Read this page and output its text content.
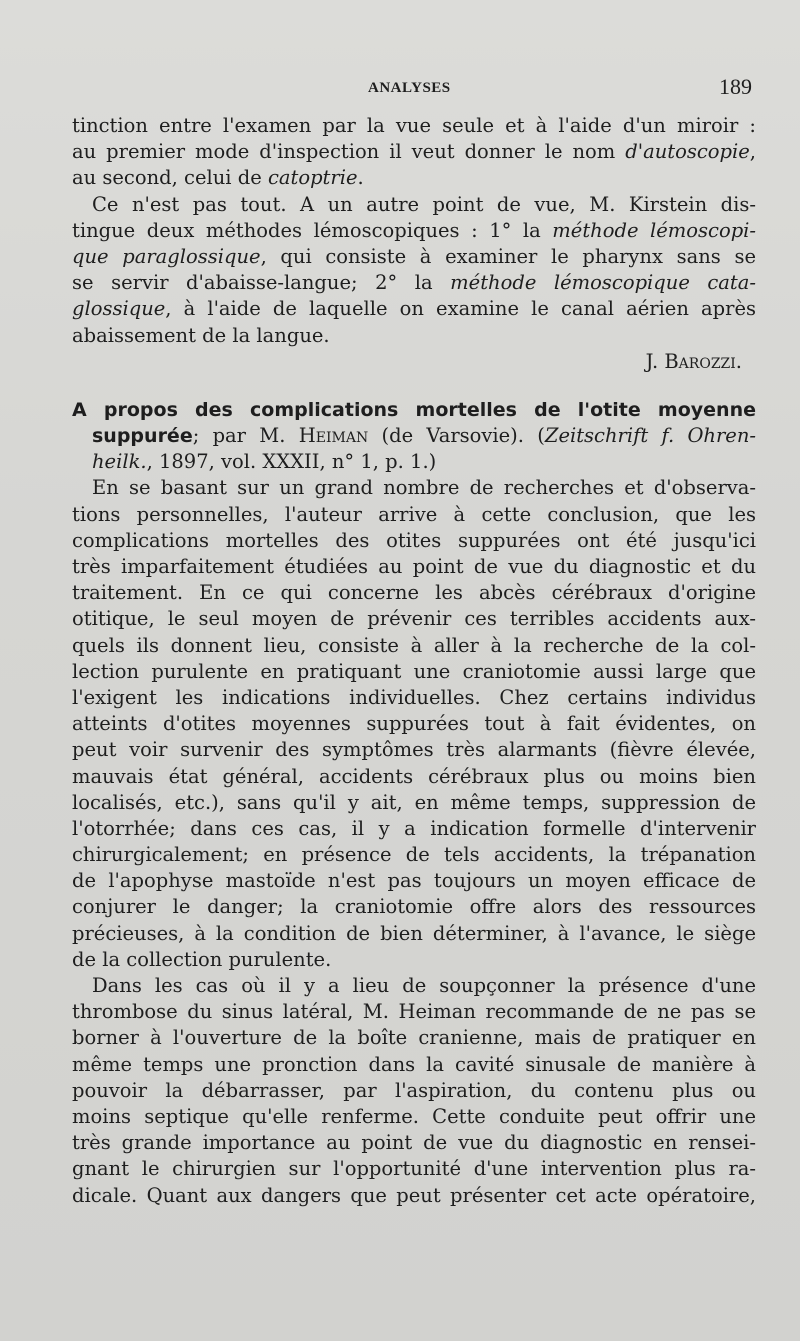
ANALYSES	189
tinction entre l'examen par la vue seule et à l'aide d'un miroir :
au premier mode d'inspection il veut donner le nom d'autoscopie,
au second, celui de catoptrie.
Ce n'est pas tout. A un autre point de vue, M. Kirstein dis-
tingue deux méthodes lémoscopiques : 1° la méthode lémoscopi-
que paraglossique, qui consiste à examiner le pharynx sans se
se servir d'abaisse-langue; 2° la méthode lémoscopique cata-
glossique, à l'aide de laquelle on examine le canal aérien après
abaissement de la langue.
J. Barozzi.
A propos des complications mortelles de l'otite moyenne
suppurée; par M. Heiman (de Varsovie). (Zeitschrift f. Ohren-
heilk., 1897, vol. XXXII, n° 1, p. 1.)
En se basant sur un grand nombre de recherches et d'observa-
tions personnelles, l'auteur arrive à cette conclusion, que les
complications mortelles des otites suppurées ont été jusqu'ici
très imparfaitement étudiées au point de vue du diagnostic et du
traitement. En ce qui concerne les abcès cérébraux d'origine
otitique, le seul moyen de prévenir ces terribles accidents aux-
quels ils donnent lieu, consiste à aller à la recherche de la col-
lection purulente en pratiquant une craniotomie aussi large que
l'exigent les indications individuelles. Chez certains individus
atteints d'otites moyennes suppurées tout à fait évidentes, on
peut voir survenir des symptômes très alarmants (fièvre élevée,
mauvais état général, accidents cérébraux plus ou moins bien
localisés, etc.), sans qu'il y ait, en même temps, suppression de
l'otorrhée; dans ces cas, il y a indication formelle d'intervenir
chirurgicalement; en présence de tels accidents, la trépanation
de l'apophyse mastoïde n'est pas toujours un moyen efficace de
conjurer le danger; la craniotomie offre alors des ressources
précieuses, à la condition de bien déterminer, à l'avance, le siège
de la collection purulente.
Dans les cas où il y a lieu de soupçonner la présence d'une
thrombose du sinus latéral, M. Heiman recommande de ne pas se
borner à l'ouverture de la boîte cranienne, mais de pratiquer en
même temps une pronction dans la cavité sinusale de manière à
pouvoir la débarrasser, par l'aspiration, du contenu plus ou
moins septique qu'elle renferme. Cette conduite peut offrir une
très grande importance au point de vue du diagnostic en rensei-
gnant le chirurgien sur l'opportunité d'une intervention plus ra-
dicale. Quant aux dangers que peut présenter cet acte opératoire,
